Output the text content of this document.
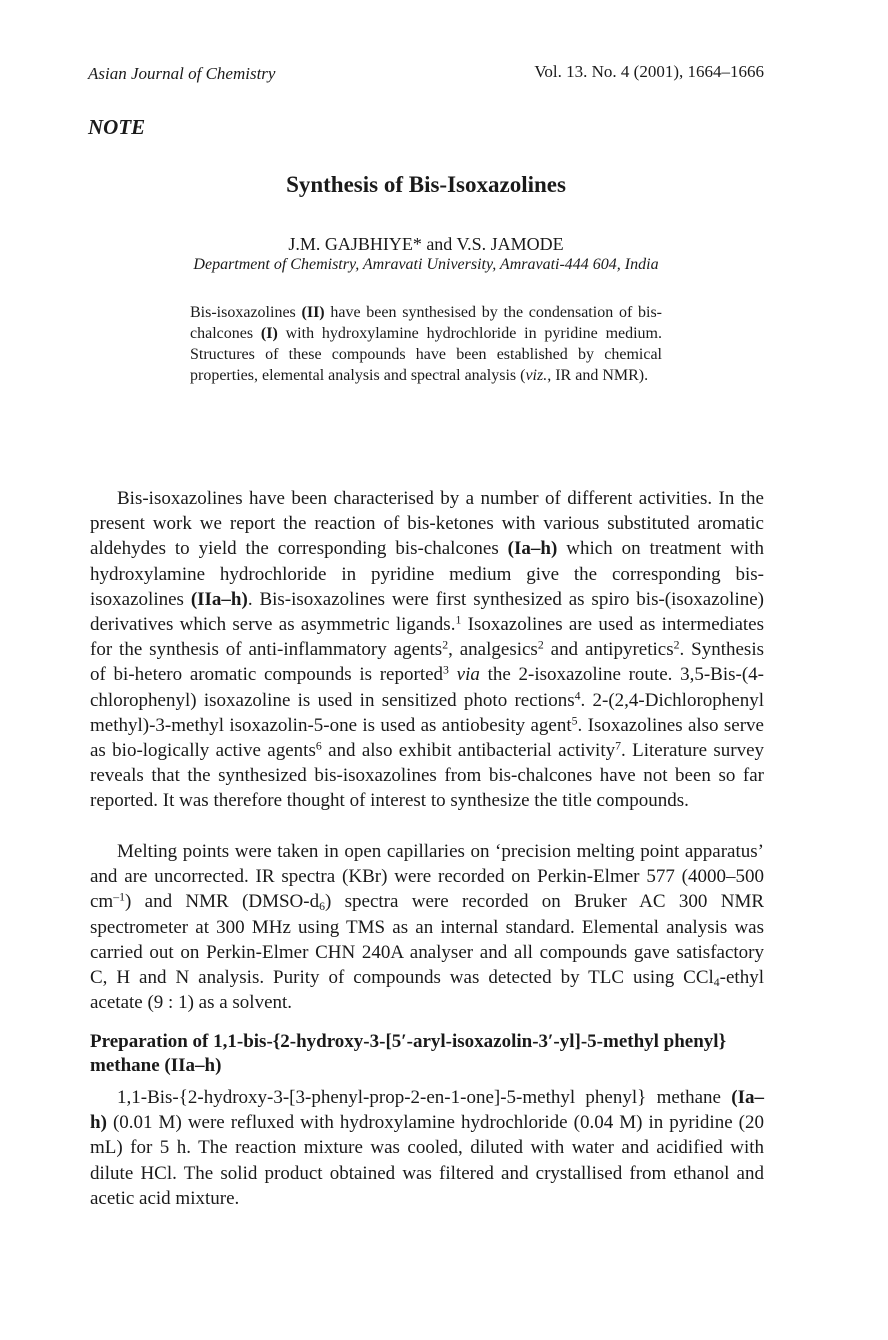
Asian Journal of Chemistry	Vol. 13. No. 4 (2001), 1664–1666
NOTE
Synthesis of Bis-Isoxazolines
J.M. GAJBHIYE* and V.S. JAMODE
Department of Chemistry, Amravati University, Amravati-444 604, India
Bis-isoxazolines (II) have been synthesised by the condensation of bis-chalcones (I) with hydroxylamine hydrochloride in pyridine medium. Structures of these compounds have been established by chemical properties, elemental analysis and spectral analysis (viz., IR and NMR).
Bis-isoxazolines have been characterised by a number of different activities. In the present work we report the reaction of bis-ketones with various substituted aromatic aldehydes to yield the corresponding bis-chalcones (Ia–h) which on treatment with hydroxylamine hydrochloride in pyridine medium give the corresponding bis-isoxazolines (IIa–h). Bis-isoxazolines were first synthesized as spiro bis-(isoxazoline) derivatives which serve as asymmetric ligands.$^1$ Isoxazolines are used as intermediates for the synthesis of anti-inflammatory agents$^2$, analgesics$^2$ and antipyretics$^2$. Synthesis of bi-hetero aromatic compounds is reported$^3$ via the 2-isoxazoline route. 3,5-Bis-(4-chlorophenyl) isoxazoline is used in sensitized photo rections$^4$. 2-(2,4-Dichlorophenyl methyl)-3-methyl isoxazolin-5-one is used as antiobesity agent$^5$. Isoxazolines also serve as bio-logically active agents$^6$ and also exhibit antibacterial activity$^7$. Literature survey reveals that the synthesized bis-isoxazolines from bis-chalcones have not been so far reported. It was therefore thought of interest to synthesize the title compounds.
Melting points were taken in open capillaries on ‘precision melting point apparatus’ and are uncorrected. IR spectra (KBr) were recorded on Perkin-Elmer 577 (4000–500 $cm^{-1}$) and NMR $(DMSO-d_6)$ spectra were recorded on Bruker AC 300 NMR spectrometer at 300 MHz using TMS as an internal standard. Elemental analysis was carried out on Perkin-Elmer CHN 240A analyser and all compounds gave satisfactory C, H and N analysis. Purity of compounds was detected by TLC using CCl$_4$-ethyl acetate (9 : 1) as a solvent.
Preparation of 1,1-bis-{2-hydroxy-3-[5′-aryl-isoxazolin-3′-yl]-5-methyl phenyl} methane (IIa–h)
1,1-Bis-{2-hydroxy-3-[3-phenyl-prop-2-en-1-one]-5-methyl phenyl} methane (Ia–h) (0.01 M) were refluxed with hydroxylamine hydrochloride (0.04 M) in pyridine (20 mL) for 5 h. The reaction mixture was cooled, diluted with water and acidified with dilute HCl. The solid product obtained was filtered and crystallised from ethanol and acetic acid mixture.
